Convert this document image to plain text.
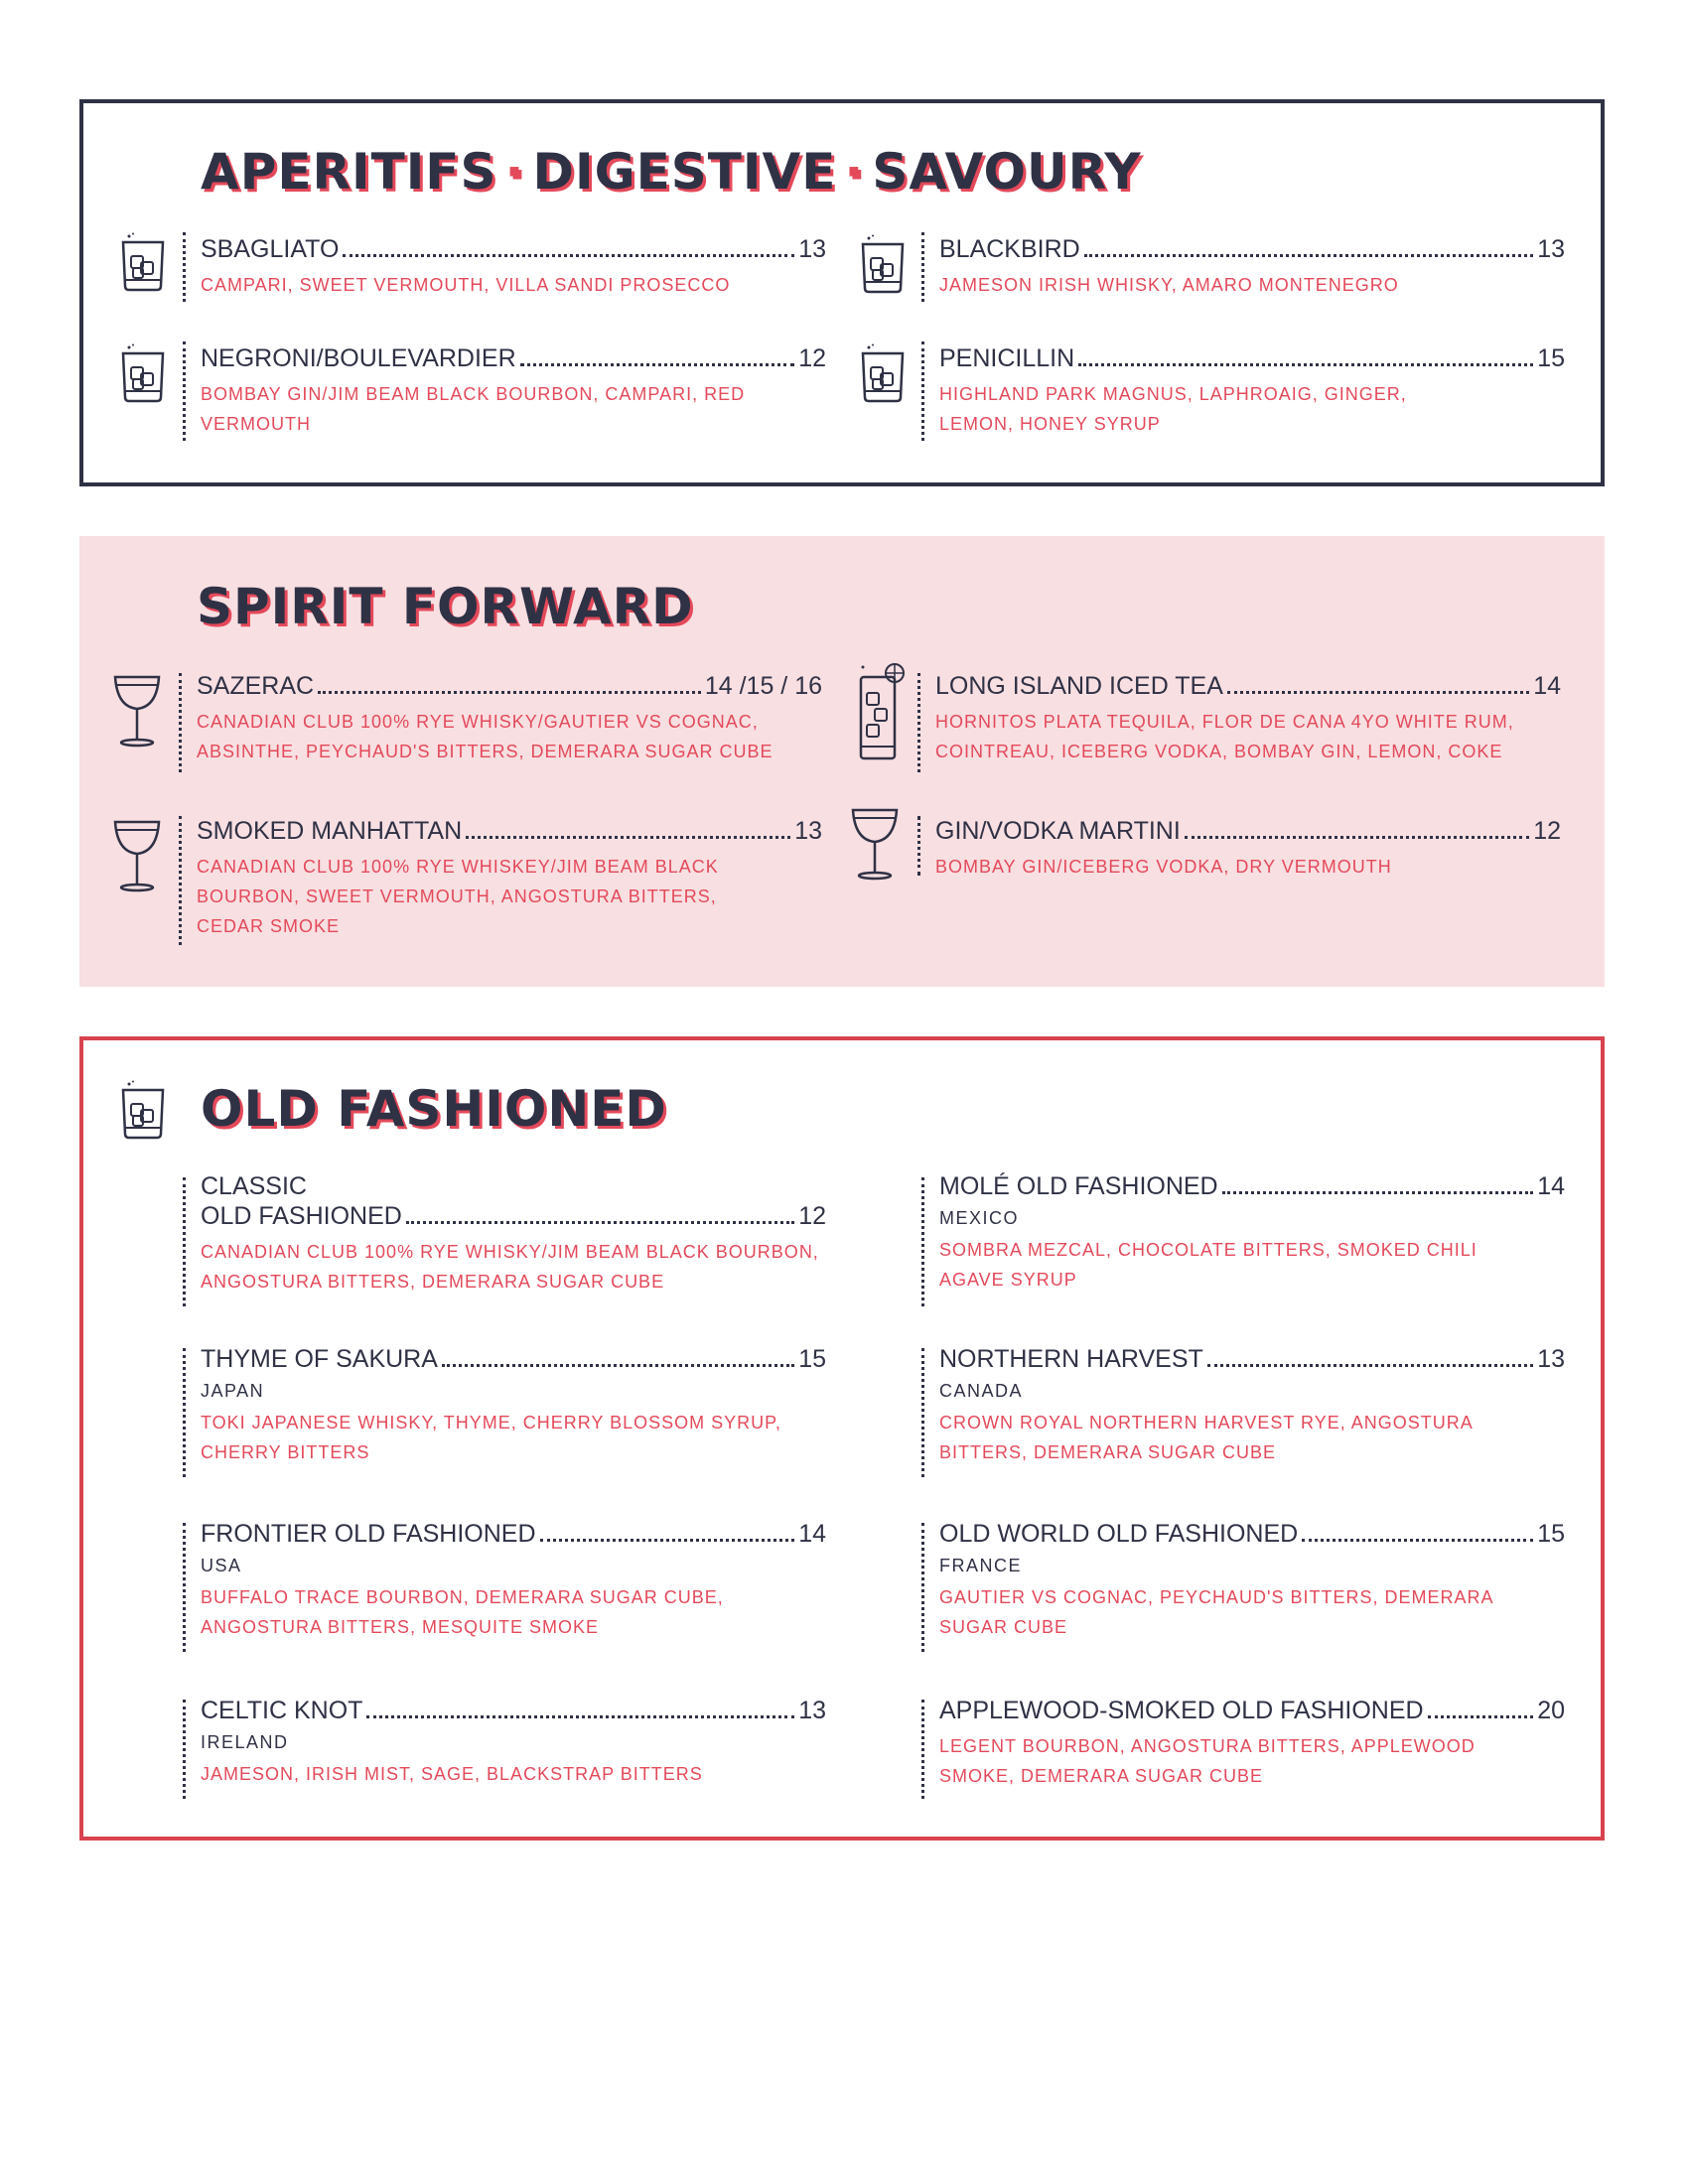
APERITIFS · DIGESTIVE · SAVOURY
SBAGLIATO	13
CAMPARI, SWEET VERMOUTH, VILLA SANDI PROSECCO
BLACKBIRD	13
JAMESON IRISH WHISKY, AMARO MONTENEGRO
NEGRONI/BOULEVARDIER	12
BOMBAY GIN/JIM BEAM BLACK BOURBON, CAMPARI, RED VERMOUTH
PENICILLIN	15
HIGHLAND PARK MAGNUS, LAPHROAIG, GINGER, LEMON, HONEY SYRUP
SPIRIT FORWARD
SAZERAC	14 /15 / 16
CANADIAN CLUB 100% RYE WHISKY/GAUTIER VS COGNAC, ABSINTHE, PEYCHAUD'S BITTERS, DEMERARA SUGAR CUBE
LONG ISLAND ICED TEA	14
HORNITOS PLATA TEQUILA, FLOR DE CANA 4YO WHITE RUM, COINTREAU, ICEBERG VODKA, BOMBAY GIN, LEMON, COKE
SMOKED MANHATTAN	13
CANADIAN CLUB 100% RYE WHISKEY/JIM BEAM BLACK BOURBON, SWEET VERMOUTH, ANGOSTURA BITTERS, CEDAR SMOKE
GIN/VODKA MARTINI	12
BOMBAY GIN/ICEBERG VODKA, DRY VERMOUTH
OLD FASHIONED
CLASSIC
OLD FASHIONED	12
CANADIAN CLUB 100% RYE WHISKY/JIM BEAM BLACK BOURBON, ANGOSTURA BITTERS, DEMERARA SUGAR CUBE
THYME OF SAKURA	15
JAPAN
TOKI JAPANESE WHISKY, THYME, CHERRY BLOSSOM SYRUP, CHERRY BITTERS
FRONTIER OLD FASHIONED	14
USA
BUFFALO TRACE BOURBON, DEMERARA SUGAR CUBE, ANGOSTURA BITTERS, MESQUITE SMOKE
CELTIC KNOT	13
IRELAND
JAMESON, IRISH MIST, SAGE, BLACKSTRAP BITTERS
MOLÉ OLD FASHIONED	14
MEXICO
SOMBRA MEZCAL, CHOCOLATE BITTERS, SMOKED CHILI AGAVE SYRUP
NORTHERN HARVEST	13
CANADA
CROWN ROYAL NORTHERN HARVEST RYE, ANGOSTURA BITTERS, DEMERARA SUGAR CUBE
OLD WORLD OLD FASHIONED	15
FRANCE
GAUTIER VS COGNAC, PEYCHAUD'S BITTERS, DEMERARA SUGAR CUBE
APPLEWOOD-SMOKED OLD FASHIONED	20
LEGENT BOURBON, ANGOSTURA BITTERS, APPLEWOOD SMOKE, DEMERARA SUGAR CUBE
